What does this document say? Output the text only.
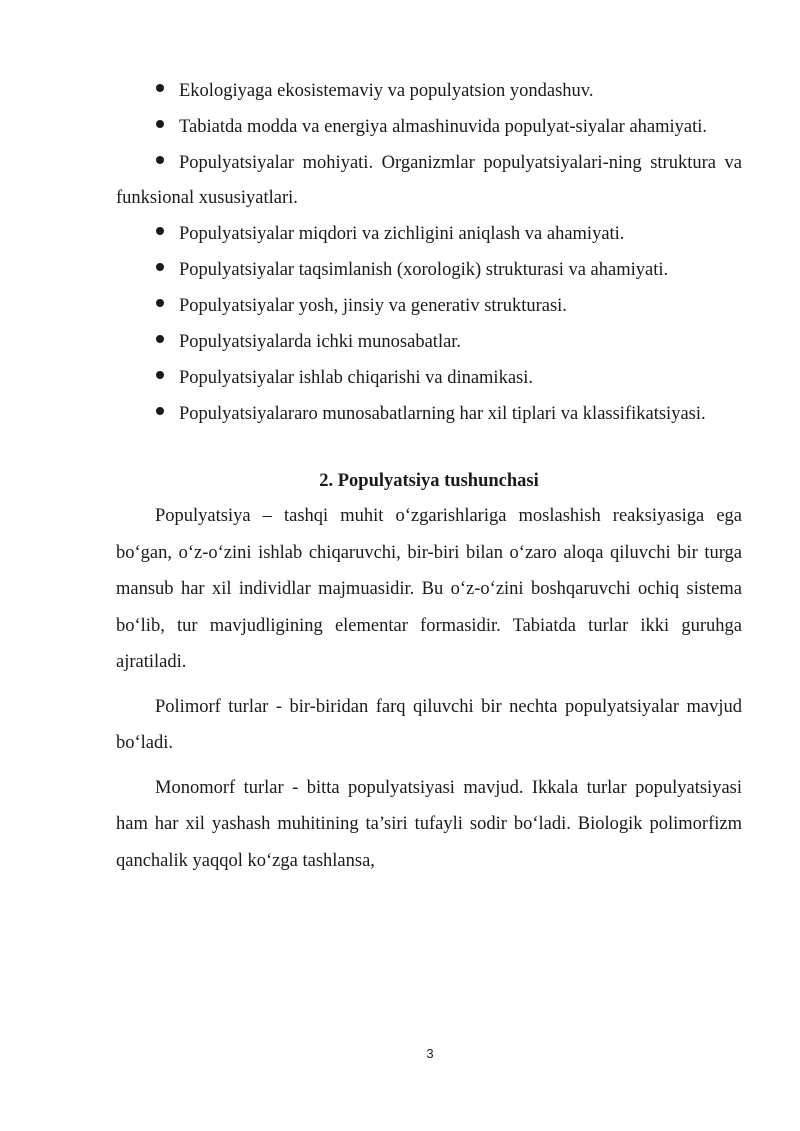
Ekologiyaga ekosistemaviy va populyatsion yondashuv.
Tabiatda modda va energiya almashinuvida populyat-siyalar ahamiyati.
Populyatsiyalar mohiyati. Organizmlar populyatsiyalari-ning struktura va funksional xususiyatlari.
Populyatsiyalar miqdori va zichligini aniqlash va ahamiyati.
Populyatsiyalar taqsimlanish (xorologik) strukturasi va ahamiyati.
Populyatsiyalar yosh, jinsiy va generativ strukturasi.
Populyatsiyalarda ichki munosabatlar.
Populyatsiyalar ishlab chiqarishi va dinamikasi.
Populyatsiyalararo munosabatlarning har xil tiplari va klassifikatsiyasi.
2. Populyatsiya tushunchasi

Populyatsiya – tashqi muhit o‘zgarishlariga moslashish reaksiyasiga ega bo‘gan, o‘z-o‘zini ishlab chiqaruvchi, bir-biri bilan o‘zaro aloqa qiluvchi bir turga mansub har xil individlar majmuasidir. Bu o‘z-o‘zini boshqaruvchi ochiq sistema bo‘lib, tur mavjudligining elementar formasidir. Tabiatda turlar ikki guruhga ajratiladi.

Polimorf turlar - bir-biridan farq qiluvchi bir nechta populyatsiyalar mavjud bo‘ladi.

Monomorf turlar - bitta populyatsiyasi mavjud. Ikkala turlar populyatsiyasi ham har xil yashash muhitining ta’siri tufayli sodir bo‘ladi. Biologik polimorfizm qanchalik yaqqol ko‘zga tashlansa,

3
